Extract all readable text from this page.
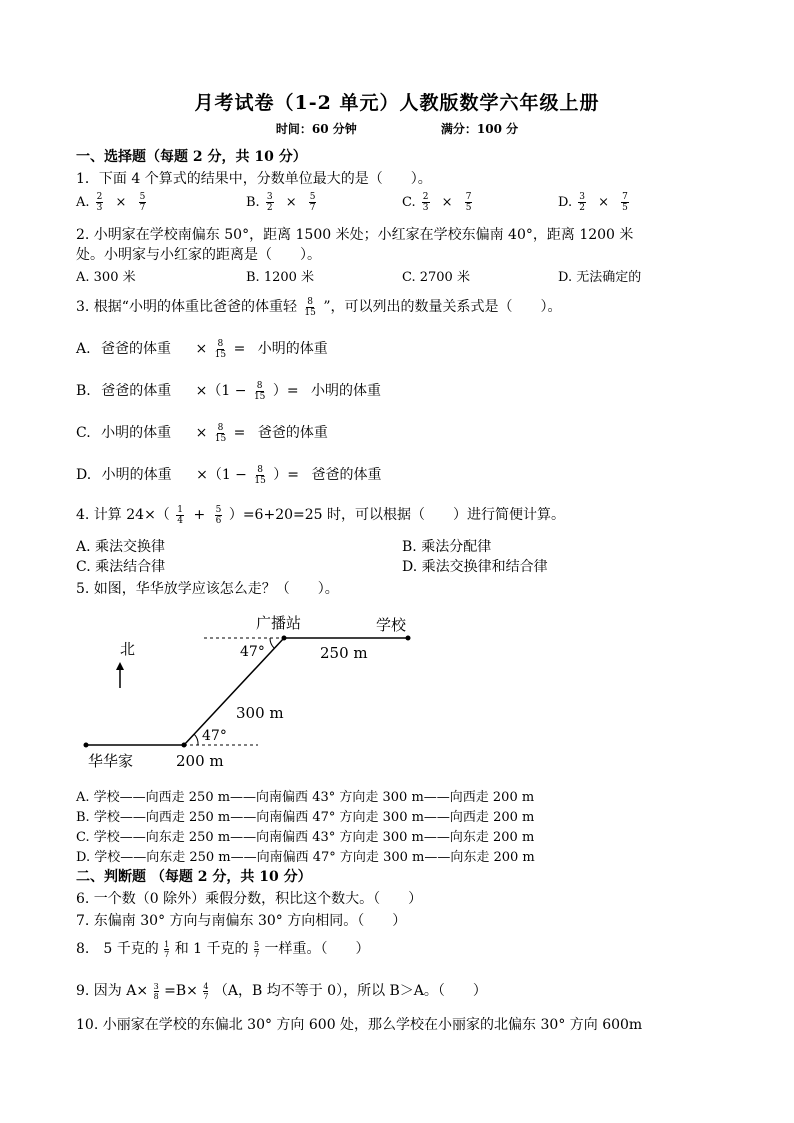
月考试卷（1-2 单元）人教版数学六年级上册
时间：60 分钟	满分：100 分
一、选择题（每题 2 分，共 10 分）
1．下面 4 个算式的结果中，分数单位最大的是（　　）。
A. $\frac{2}{3} \times \frac{5}{7}$	B. $\frac{3}{2} \times \frac{5}{7}$	C. $\frac{2}{3} \times \frac{7}{5}$	D. $\frac{3}{2} \times \frac{7}{5}$
2. 小明家在学校南偏东 50°，距离 1500 米处；小红家在学校东偏南 40°，距离 1200 米
处。小明家与小红家的距离是（　　）。
A. 300 米	B. 1200 米	C. 2700 米	D. 无法确定的
3. 根据“小明的体重比爸爸的体重轻 $\frac{8}{15}$ ”，可以列出的数量关系式是（　　）。
A. 爸爸的体重 × $\frac{8}{15}$ = 小明的体重
B. 爸爸的体重 $\times(1 - \frac{8}{15}$ ）= 小明的体重
C. 小明的体重 × $\frac{8}{15}$ = 爸爸的体重
D. 小明的体重 $\times(1 - \frac{8}{15}$ ）= 爸爸的体重
4. 计算 $24\times( \frac{1}{4} + \frac{5}{6} )=6+20=25$ 时，可以根据（　　）进行简便计算。
A. 乘法交换律	B. 乘法分配律
C. 乘法结合律	D. 乘法交换律和结合律
5. 如图，华华放学应该怎么走？（　　）。
北
广播站	学校
250 m
300 m
47°
47°
华华家	200 m
A. 学校——向西走 250 m——向南偏西 43° 方向走 300 m——向西走 200 m
B. 学校——向西走 250 m——向南偏西 47° 方向走 300 m——向西走 200 m
C. 学校——向东走 250 m——向南偏西 43° 方向走 300 m——向东走 200 m
D. 学校——向东走 250 m——向南偏西 47° 方向走 300 m——向东走 200 m
二、判断题 （每题 2 分，共 10 分）
6. 一个数（0 除外）乘假分数，积比这个数大。（　　）
7. 东偏南 30° 方向与南偏东 30° 方向相同。（　　）
8.　5 千克的 $\frac{1}{7}$ 和 1 千克的 $\frac{5}{7}$ 一样重。（　　）
9. 因为 $A\times \frac{3}{8} =B\times \frac{4}{7} (A$，B 均不等于 0），所以 B＞A。（　　）
10. 小丽家在学校的东偏北 30° 方向 600 处，那么学校在小丽家的北偏东 30° 方向 600m
